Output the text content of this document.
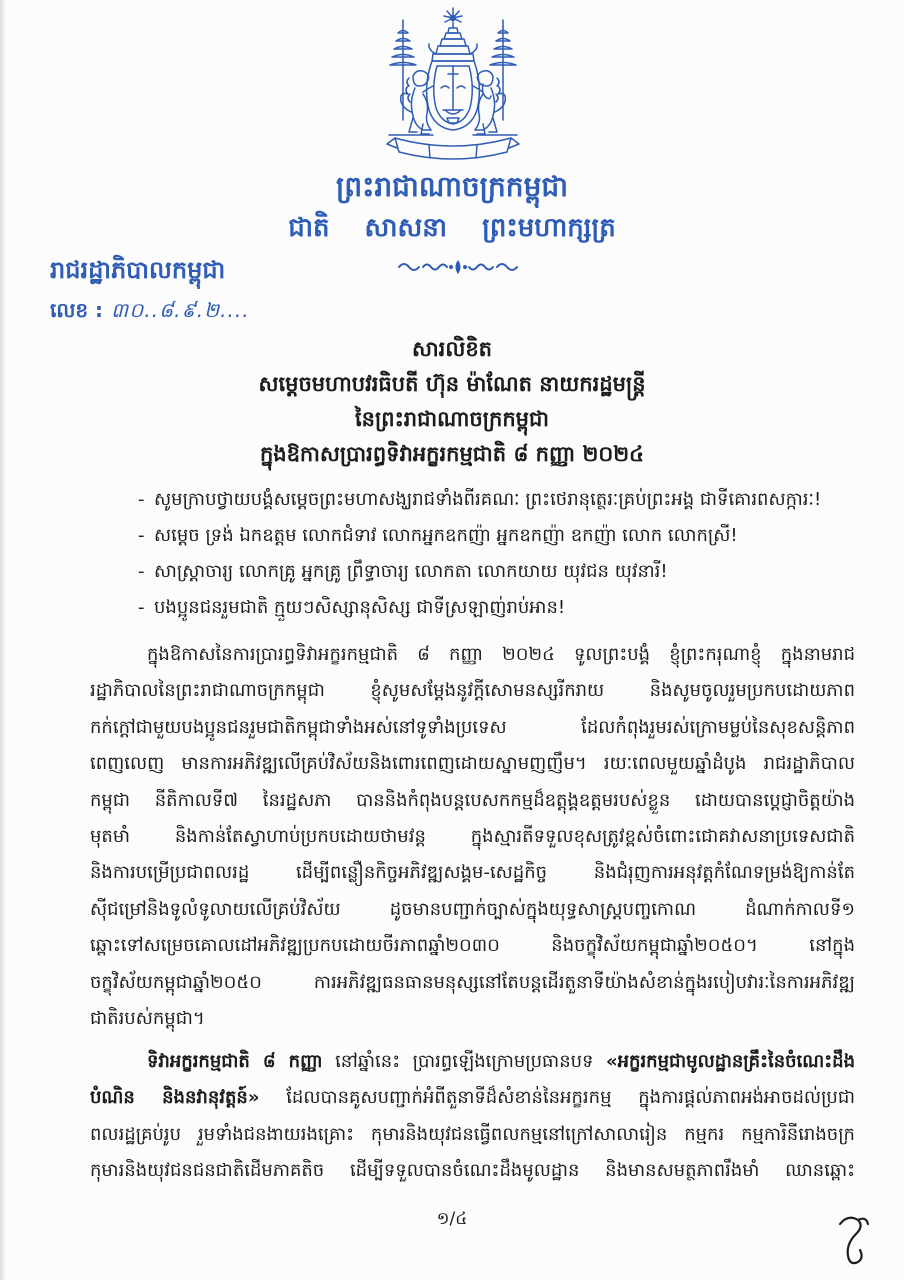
ព្រះរាជាណាចក្រកម្ពុជា
ជាតិ សាសនា ព្រះមហាក្សត្រ
រាជរដ្ឋាភិបាលកម្ពុជា
លេខ : ៣០..៨.៩.២....
សារលិខិត
សម្តេចមហាបវរធិបតី ហ៊ុន ម៉ាណែត នាយករដ្ឋមន្ត្រី
នៃព្រះរាជាណាចក្រកម្ពុជា
ក្នុងឱកាសប្រារព្ធទិវាអក្ខរកម្មជាតិ ៨ កញ្ញា ២០២៤
- សូមក្រាបថ្វាយបង្គំសម្តេចព្រះមហាសង្ឃរាជទាំងពីរគណៈ ព្រះថេរានុត្ថេរៈគ្រប់ព្រះអង្គ ជាទីគោរពសក្ការៈ!
- សម្តេច ទ្រង់ ឯកឧត្តម លោកជំទាវ លោកអ្នកឧកញ៉ា អ្នកឧកញ៉ា ឧកញ៉ា លោក លោកស្រី!
- សាស្ត្រាចារ្យ លោកគ្រូ អ្នកគ្រូ ព្រឹទ្ធាចារ្យ លោកតា លោកយាយ យុវជន យុវនារី!
- បងប្អូនជនរួមជាតិ ក្មួយៗសិស្សានុសិស្ស ជាទីស្រឡាញ់រាប់អាន!
ក្នុងឱកាសនៃការប្រារព្ធទិវាអក្ខរកម្មជាតិ ៨ កញ្ញា ២០២៤ ទូលព្រះបង្គំ ខ្ញុំព្រះករុណាខ្ញុំ ក្នុងនាមរាជ
រដ្ឋាភិបាលនៃព្រះរាជាណាចក្រកម្ពុជា ខ្ញុំសូមសម្តែងនូវក្តីសោមនស្សរីករាយ និងសូមចូលរួមប្រកបដោយភាព
កក់ក្តៅជាមួយបងប្អូនជនរួមជាតិកម្ពុជាទាំងអស់នៅទូទាំងប្រទេស ដែលកំពុងរួមរស់ក្រោមម្លប់នៃសុខសន្តិភាព
ពេញលេញ មានការអភិវឌ្ឍលើគ្រប់វិស័យនិងពោរពេញដោយស្នាមញញឹម។ រយៈពេលមួយឆ្នាំដំបូង រាជរដ្ឋាភិបាល
កម្ពុជា នីតិកាលទី៧ នៃរដ្ឋសភា បាននិងកំពុងបន្តបេសកកម្មដ៏ឧត្តុង្គឧត្តមរបស់ខ្លួន ដោយបានប្តេជ្ញាចិត្តយ៉ាង
មុតមាំ និងកាន់តែស្វាហាប់ប្រកបដោយថាមវន្ត ក្នុងស្មារតីទទួលខុសត្រូវខ្ពស់ចំពោះជោគវាសនាប្រទេសជាតិ
និងការបម្រើប្រជាពលរដ្ឋ ដើម្បីពន្លឿនកិច្ចអភិវឌ្ឍសង្គម-សេដ្ឋកិច្ច និងជំរុញការអនុវត្តកំណែទម្រង់ឱ្យកាន់តែ
ស៊ីជម្រៅនិងទូលំទូលាយលើគ្រប់វិស័យ ដូចមានបញ្ជាក់ច្បាស់ក្នុងយុទ្ធសាស្ត្របញ្ចកោណ ដំណាក់កាលទី១
ឆ្ពោះទៅសម្រេចគោលដៅអភិវឌ្ឍប្រកបដោយចីរភាពឆ្នាំ២០៣០ និងចក្ខុវិស័យកម្ពុជាឆ្នាំ២០៥០។ នៅក្នុង
ចក្ខុវិស័យកម្ពុជាឆ្នាំ២០៥០ ការអភិវឌ្ឍធនធានមនុស្សនៅតែបន្តដើរតួនាទីយ៉ាងសំខាន់ក្នុងរបៀបវារៈនៃការអភិវឌ្ឍ
ជាតិរបស់កម្ពុជា។
ទិវាអក្ខរកម្មជាតិ ៨ កញ្ញា នៅឆ្នាំនេះ ប្រារព្ធឡើងក្រោមប្រធានបទ «អក្ខរកម្មជាមូលដ្ឋានគ្រឹះនៃចំណេះដឹង
បំណិន និងនវានុវត្តន៍» ដែលបានគូសបញ្ជាក់អំពីតួនាទីដ៏សំខាន់នៃអក្ខរកម្ម ក្នុងការផ្តល់ភាពអង់អាចដល់ប្រជា
ពលរដ្ឋគ្រប់រូប រួមទាំងជនងាយរងគ្រោះ កុមារនិងយុវជនធ្វើពលកម្មនៅក្រៅសាលារៀន កម្មករ កម្មការិនីរោងចក្រ
កុមារនិងយុវជនជនជាតិដើមភាគតិច ដើម្បីទទួលបានចំណេះដឹងមូលដ្ឋាន និងមានសមត្ថភាពរឹងមាំ ឈានឆ្ពោះ
១/៤
